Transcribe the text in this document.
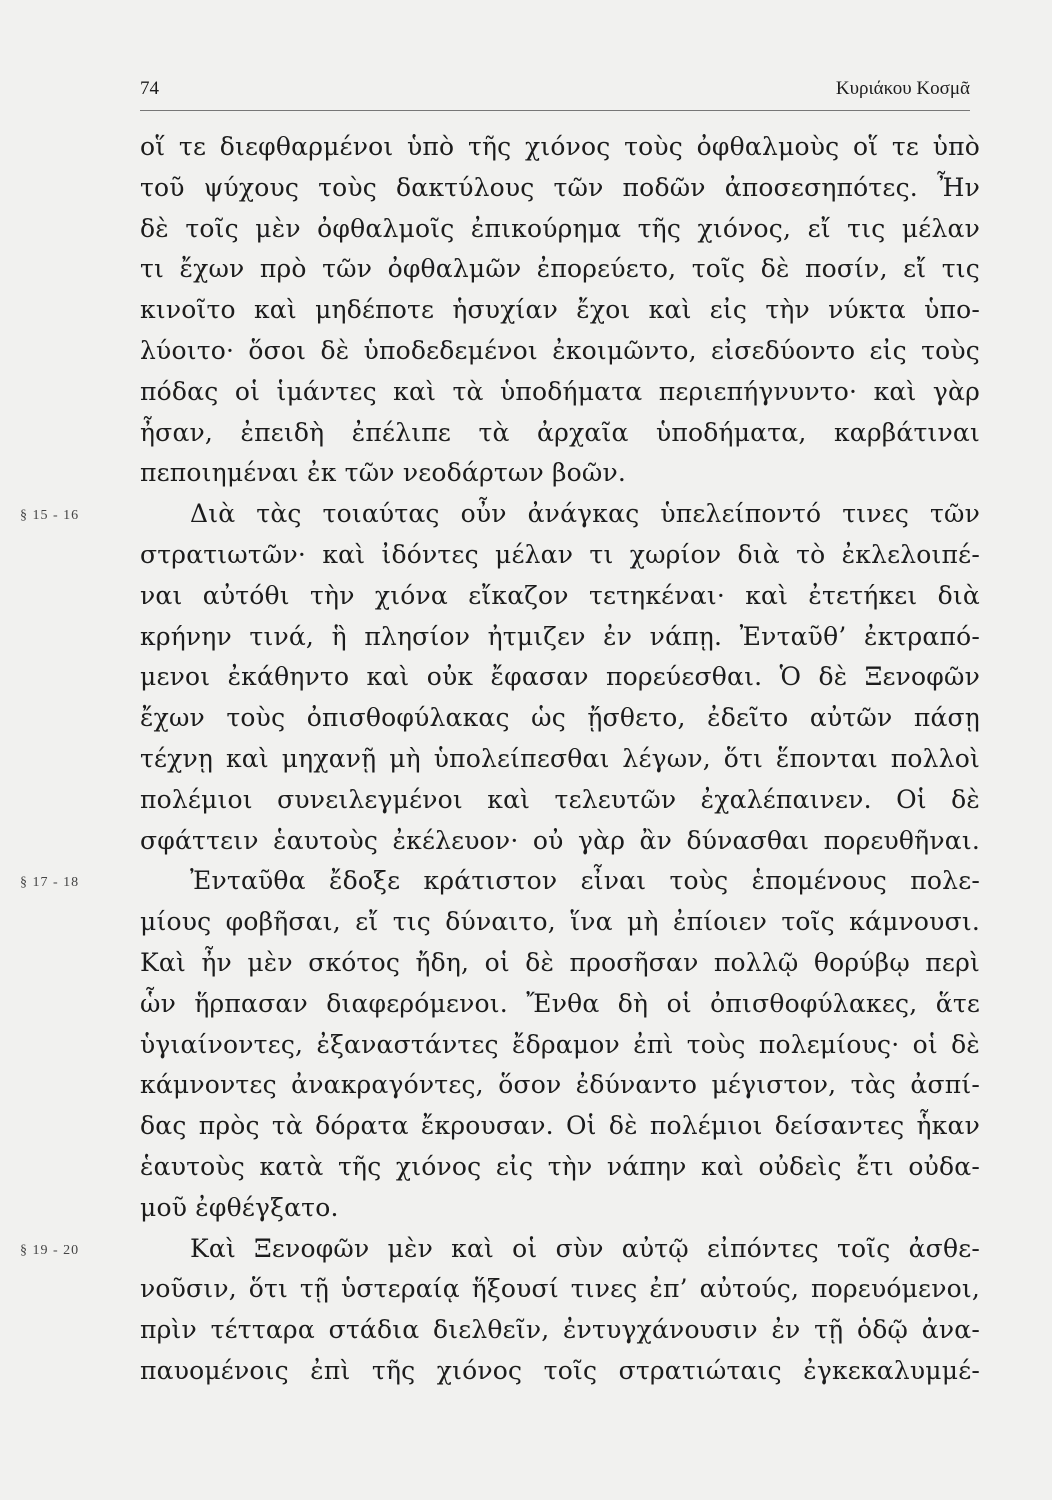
74	Κυριάκου Κοσμᾶ
οἵ τε διεφθαρμένοι ὑπὸ τῆς χιόνος τοὺς ὀφθαλμοὺς οἵ τε ὑπὸ
τοῦ ψύχους τοὺς δακτύλους τῶν ποδῶν ἀποσεσηπότες. Ἦν
δὲ τοῖς μὲν ὀφθαλμοῖς ἐπικούρημα τῆς χιόνος, εἴ τις μέλαν
τι ἔχων πρὸ τῶν ὀφθαλμῶν ἐπορεύετο, τοῖς δὲ ποσίν, εἴ τις
κινοῖτο καὶ μηδέποτε ἡσυχίαν ἔχοι καὶ εἰς τὴν νύκτα ὑπο-
λύοιτο· ὅσοι δὲ ὑποδεδεμένοι ἐκοιμῶντο, εἰσεδύοντο εἰς τοὺς
πόδας οἱ ἱμάντες καὶ τὰ ὑποδήματα περιεπήγνυντο· καὶ γὰρ
ἦσαν, ἐπειδὴ ἐπέλιπε τὰ ἀρχαῖα ὑποδήματα, καρβάτιναι
πεποιημέναι ἐκ τῶν νεοδάρτων βοῶν.
§ 15 - 16	Διὰ τὰς τοιαύτας οὖν ἀνάγκας ὑπελείποντό τινες τῶν
στρατιωτῶν· καὶ ἰδόντες μέλαν τι χωρίον διὰ τὸ ἐκλελοιπέ-
ναι αὐτόθι τὴν χιόνα εἴκαζον τετηκέναι· καὶ ἐτετήκει διὰ
κρήνην τινά, ἣ πλησίον ἠτμιζεν ἐν νάπῃ. Ἐνταῦθ’ ἐκτραπό-
μενοι ἐκάθηντο καὶ οὐκ ἔφασαν πορεύεσθαι. Ὁ δὲ Ξενοφῶν
ἔχων τοὺς ὀπισθοφύλακας ὡς ᾔσθετο, ἐδεῖτο αὐτῶν πάσῃ
τέχνῃ καὶ μηχανῇ μὴ ὑπολείπεσθαι λέγων, ὅτι ἕπονται πολλοὶ
πολέμιοι συνειλεγμένοι καὶ τελευτῶν ἐχαλέπαινεν. Οἱ δὲ
σφάττειν ἑαυτοὺς ἐκέλευον· οὐ γὰρ ἂν δύνασθαι πορευθῆναι.
§ 17 - 18	Ἐνταῦθα ἔδοξε κράτιστον εἶναι τοὺς ἑπομένους πολε-
μίους φοβῆσαι, εἴ τις δύναιτο, ἵνα μὴ ἐπίοιεν τοῖς κάμνουσι.
Καὶ ἦν μὲν σκότος ἤδη, οἱ δὲ προσῆσαν πολλῷ θορύβῳ περὶ
ὧν ἥρπασαν διαφερόμενοι. Ἔνθα δὴ οἱ ὀπισθοφύλακες, ἅτε
ὑγιαίνοντες, ἐξαναστάντες ἔδραμον ἐπὶ τοὺς πολεμίους· οἱ δὲ
κάμνοντες ἀνακραγόντες, ὅσον ἐδύναντο μέγιστον, τὰς ἀσπί-
δας πρὸς τὰ δόρατα ἔκρουσαν. Οἱ δὲ πολέμιοι δείσαντες ἧκαν
ἑαυτοὺς κατὰ τῆς χιόνος εἰς τὴν νάπην καὶ οὐδεὶς ἔτι οὐδα-
μοῦ ἐφθέγξατο.
§ 19 - 20	Καὶ Ξενοφῶν μὲν καὶ οἱ σὺν αὐτῷ εἰπόντες τοῖς ἀσθε-
νοῦσιν, ὅτι τῇ ὑστεραίᾳ ἥξουσί τινες ἐπ’ αὐτούς, πορευόμενοι,
πρὶν τέτταρα στάδια διελθεῖν, ἐντυγχάνουσιν ἐν τῇ ὁδῷ ἀνα-
παυομένοις ἐπὶ τῆς χιόνος τοῖς στρατιώταις ἐγκεκαλυμμέ-
